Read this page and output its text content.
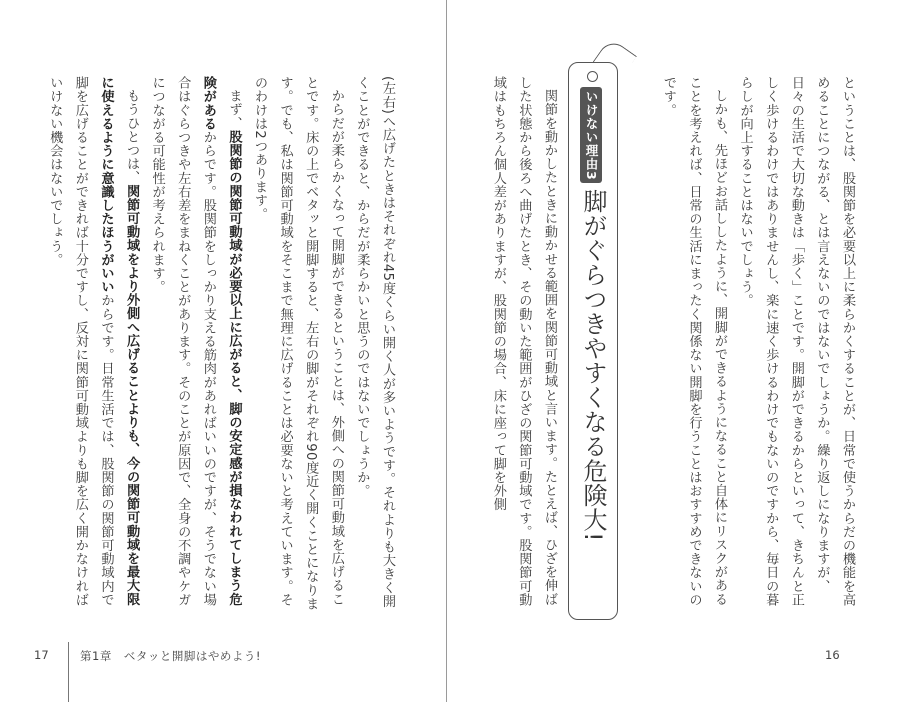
(左右)へ広げたときはそれぞれ45度くらい開く人が多いようです。それよりも大きく開くことができると、からだが柔らかいと思うのではないでしょうか。

からだが柔らかくなって開脚ができるということは、外側への関節可動域を広げることです。床の上でベタッと開脚すると、左右の脚がそれぞれ90度近く開くことになります。でも、私は関節可動域をそこまで無理に広げることは必要ないと考えています。そのわけは2つあります。

まず、股関節の関節可動域が必要以上に広がると、脚の安定感が損なわれてしまう危険があるからです。股関節をしっかり支える筋肉があればいいのですが、そうでない場合はぐらつきや左右差をまねくことがあります。そのことが原因で、全身の不調やケガにつながる可能性が考えられます。

もうひとつは、関節可動域をより外側へ広げることよりも、今の関節可動域を最大限に使えるように意識したほうがいいからです。日常生活では、股関節の関節可動域内で脚を広げることができれば十分ですし、反対に関節可動域よりも脚を広く開かなければいけない機会はないでしょう。

17	第1章　ベタッと開脚はやめよう!

ということは、股関節を必要以上に柔らかくすることが、日常で使うからだの機能を高めることにつながる、とは言えないのではないでしょうか。繰り返しになりますが、日々の生活で大切な動きは「歩く」ことです。開脚ができるからといって、きちんと正しく歩けるわけではありませんし、楽に速く歩けるわけでもないのですから、毎日の暮らしが向上することはないでしょう。

しかも、先ほどお話ししたように、開脚ができるようになること自体にリスクがあることを考えれば、日常の生活にまったく関係ない開脚を行うことはおすすめできないのです。

いけない理由3
脚がぐらつきやすくなる危険大!

関節を動かしたときに動かせる範囲を関節可動域と言います。たとえば、ひざを伸ばした状態から後ろへ曲げたとき、その動いた範囲がひざの関節可動域です。股関節可動域はもちろん個人差がありますが、股関節の場合、床に座って脚を外側

16
